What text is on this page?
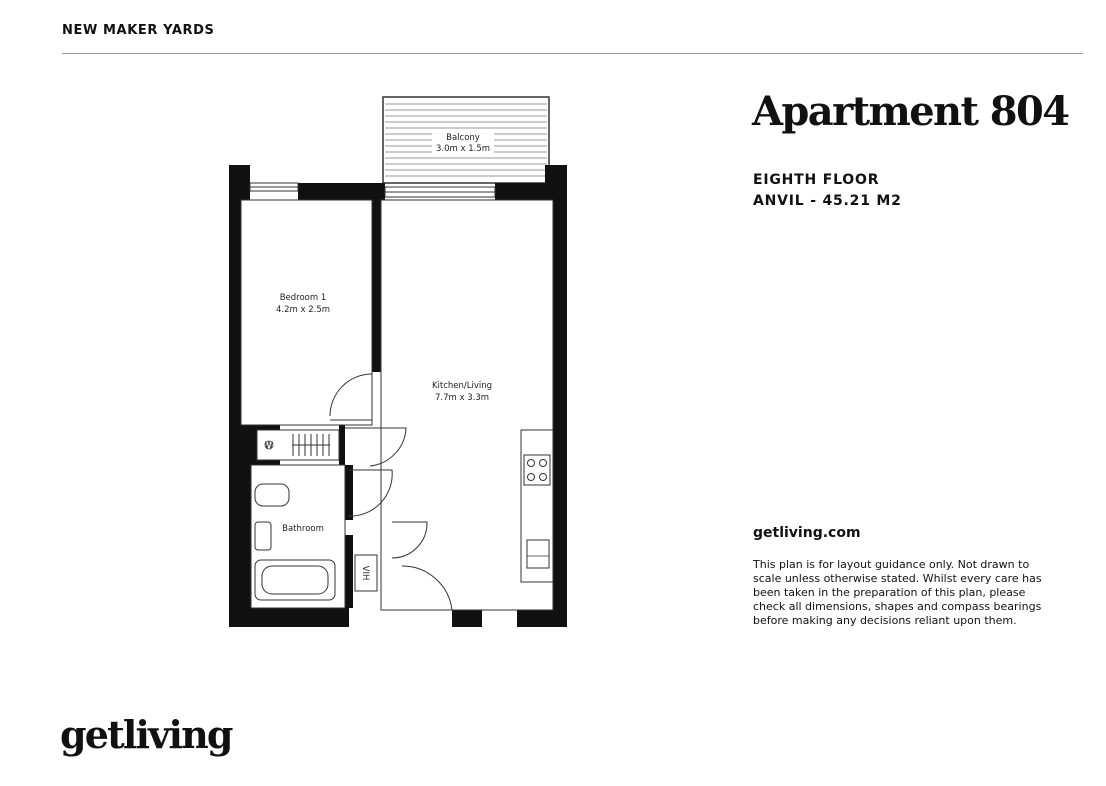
NEW MAKER YARDS
Balcony
3.0m x 1.5m
W
VIH
Bedroom 1
4.2m x 2.5m
Kitchen/Living
7.7m x 3.3m
Bathroom
Apartment 804
EIGHTH FLOOR
ANVIL - 45.21 M2
getliving.com
This plan is for layout guidance only. Not drawn to scale unless otherwise stated. Whilst every care has been taken in the preparation of this plan, please check all dimensions, shapes and compass bearings before making any decisions reliant upon them.
getliving
